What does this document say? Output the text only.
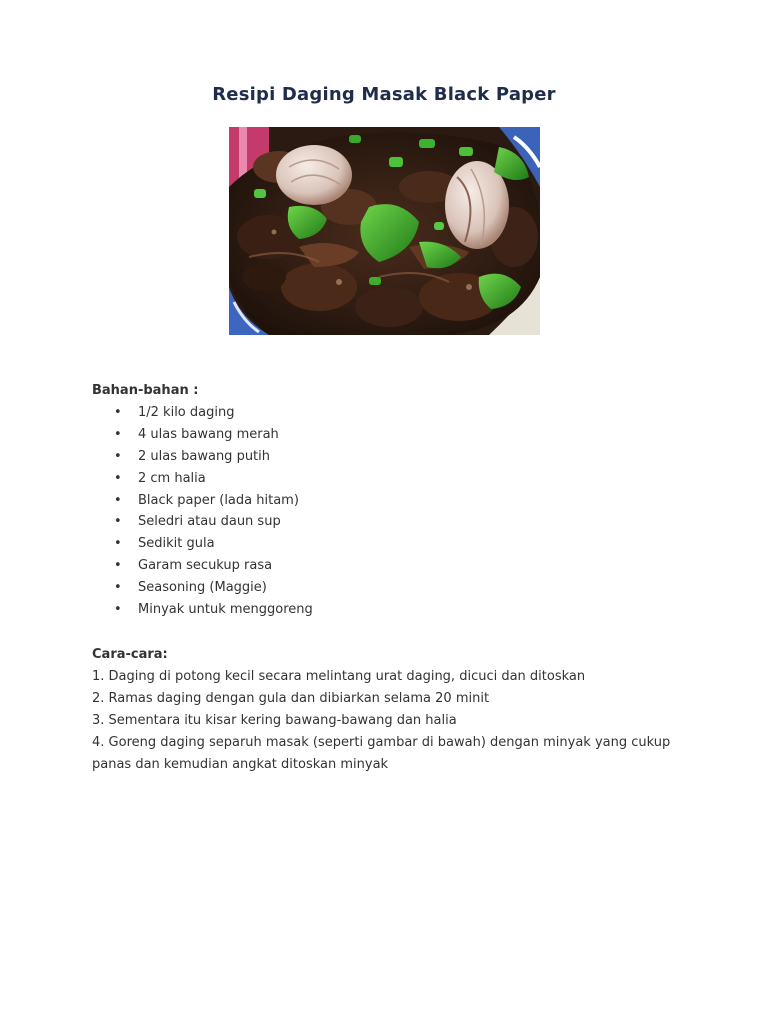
Resipi Daging Masak Black Paper
Bahan-bahan :
• 1/2 kilo daging
• 4 ulas bawang merah
• 2 ulas bawang putih
• 2 cm halia
• Black paper (lada hitam)
• Seledri atau daun sup
• Sedikit gula
• Garam secukup rasa
• Seasoning (Maggie)
• Minyak untuk menggoreng
Cara-cara:
1. Daging di potong kecil secara melintang urat daging, dicuci dan ditoskan
2. Ramas daging dengan gula dan dibiarkan selama 20 minit
3. Sementara itu kisar kering bawang-bawang dan halia
4. Goreng daging separuh masak (seperti gambar di bawah) dengan minyak yang cukup panas dan kemudian angkat ditoskan minyak
